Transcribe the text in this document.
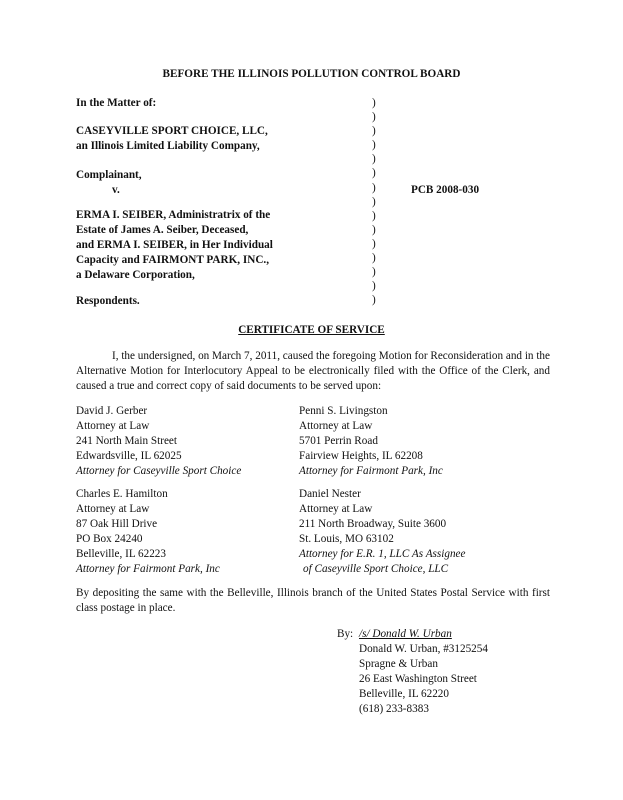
BEFORE THE ILLINOIS POLLUTION CONTROL BOARD
In the Matter of:
CASEYVILLE SPORT CHOICE, LLC,
an Illinois Limited Liability Company,
Complainant,
v.
ERMA I. SEIBER, Administratrix of the
Estate of James A. Seiber, Deceased,
and ERMA I. SEIBER, in Her Individual
Capacity and FAIRMONT PARK, INC.,
a Delaware Corporation,
Respondents.
)
)
)
)
)
)
)
)
)
)
)
)
)
)
)
PCB 2008-030
CERTIFICATE OF SERVICE
I, the undersigned, on March 7, 2011, caused the foregoing Motion for Reconsideration and in the Alternative Motion for Interlocutory Appeal to be electronically filed with the Office of the Clerk, and caused a true and correct copy of said documents to be served upon:
David J. Gerber
Attorney at Law
241 North Main Street
Edwardsville, IL 62025
Attorney for Caseyville Sport Choice
Penni S. Livingston
Attorney at Law
5701 Perrin Road
Fairview Heights, IL 62208
Attorney for Fairmont Park, Inc
Charles E. Hamilton
Attorney at Law
87 Oak Hill Drive
PO Box 24240
Belleville, IL 62223
Attorney for Fairmont Park, Inc
Daniel Nester
Attorney at Law
211 North Broadway, Suite 3600
St. Louis, MO 63102
Attorney for E.R. 1, LLC As Assignee
of Caseyville Sport Choice, LLC
By depositing the same with the Belleville, Illinois branch of the United States Postal Service with first class postage in place.
By: /s/ Donald W. Urban
Donald W. Urban, #3125254
Spragne & Urban
26 East Washington Street
Belleville, IL 62220
(618) 233-8383
